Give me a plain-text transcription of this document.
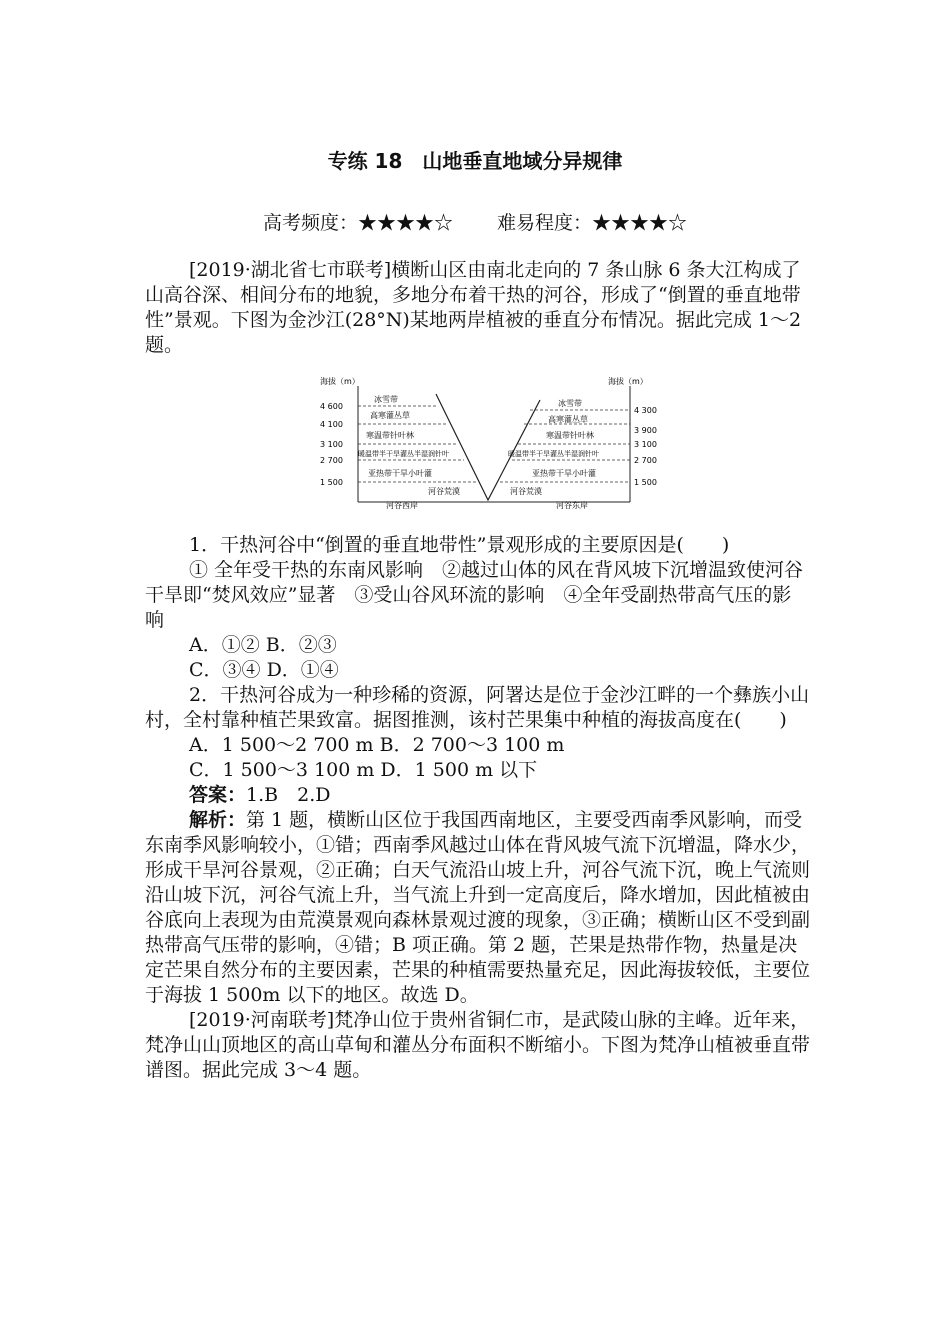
专练 18　山地垂直地域分异规律
高考频度：★★★★☆ 难易程度：★★★★☆

[2019·湖北省七市联考]横断山区由南北走向的 7 条山脉 6 条大江构成了山高谷深、相间分布的地貌，多地分布着干热的河谷，形成了“倒置的垂直地带性”景观。下图为金沙江(28°N)某地两岸植被的垂直分布情况。据此完成 1～2 题。

海拔（m）	海拔（m）
4 600
4 100
3 100
2 700
1 500
4 300
3 900
3 100
2 700
1 500
冰雪带
高寒灌丛草
寒温带针叶林
暖温带半干旱灌丛半湿润针叶
亚热带干旱小叶灌
河谷荒漠
冰雪带
高寒灌丛草
寒温带针叶林
暖温带半干旱灌丛半湿润针叶
亚热带干旱小叶灌
河谷荒漠
河谷西岸	河谷东岸

1．干热河谷中“倒置的垂直地带性”景观形成的主要原因是(　　)

① 全年受干热的东南风影响　②越过山体的风在背风坡下沉增温致使河谷干旱即“焚风效应”显著　③受山谷风环流的影响　④全年受副热带高气压的影响

A．①② B．②③

C．③④ D．①④

2．干热河谷成为一种珍稀的资源，阿署达是位于金沙江畔的一个彝族小山村，全村靠种植芒果致富。据图推测，该村芒果集中种植的海拔高度在(　　)

A．1 500～2 700 m B．2 700～3 100 m

C．1 500～3 100 m D．1 500 m 以下

答案：1.B　2.D

解析：第 1 题，横断山区位于我国西南地区，主要受西南季风影响，而受东南季风影响较小，①错；西南季风越过山体在背风坡气流下沉增温，降水少，形成干旱河谷景观，②正确；白天气流沿山坡上升，河谷气流下沉，晚上气流则沿山坡下沉，河谷气流上升，当气流上升到一定高度后，降水增加，因此植被由谷底向上表现为由荒漠景观向森林景观过渡的现象，③正确；横断山区不受到副热带高气压带的影响，④错；B 项正确。第 2 题，芒果是热带作物，热量是决定芒果自然分布的主要因素，芒果的种植需要热量充足，因此海拔较低，主要位于海拔 1 500m 以下的地区。故选 D。

[2019·河南联考]梵净山位于贵州省铜仁市，是武陵山脉的主峰。近年来，梵净山山顶地区的高山草甸和灌丛分布面积不断缩小。下图为梵净山植被垂直带谱图。据此完成 3～4 题。
